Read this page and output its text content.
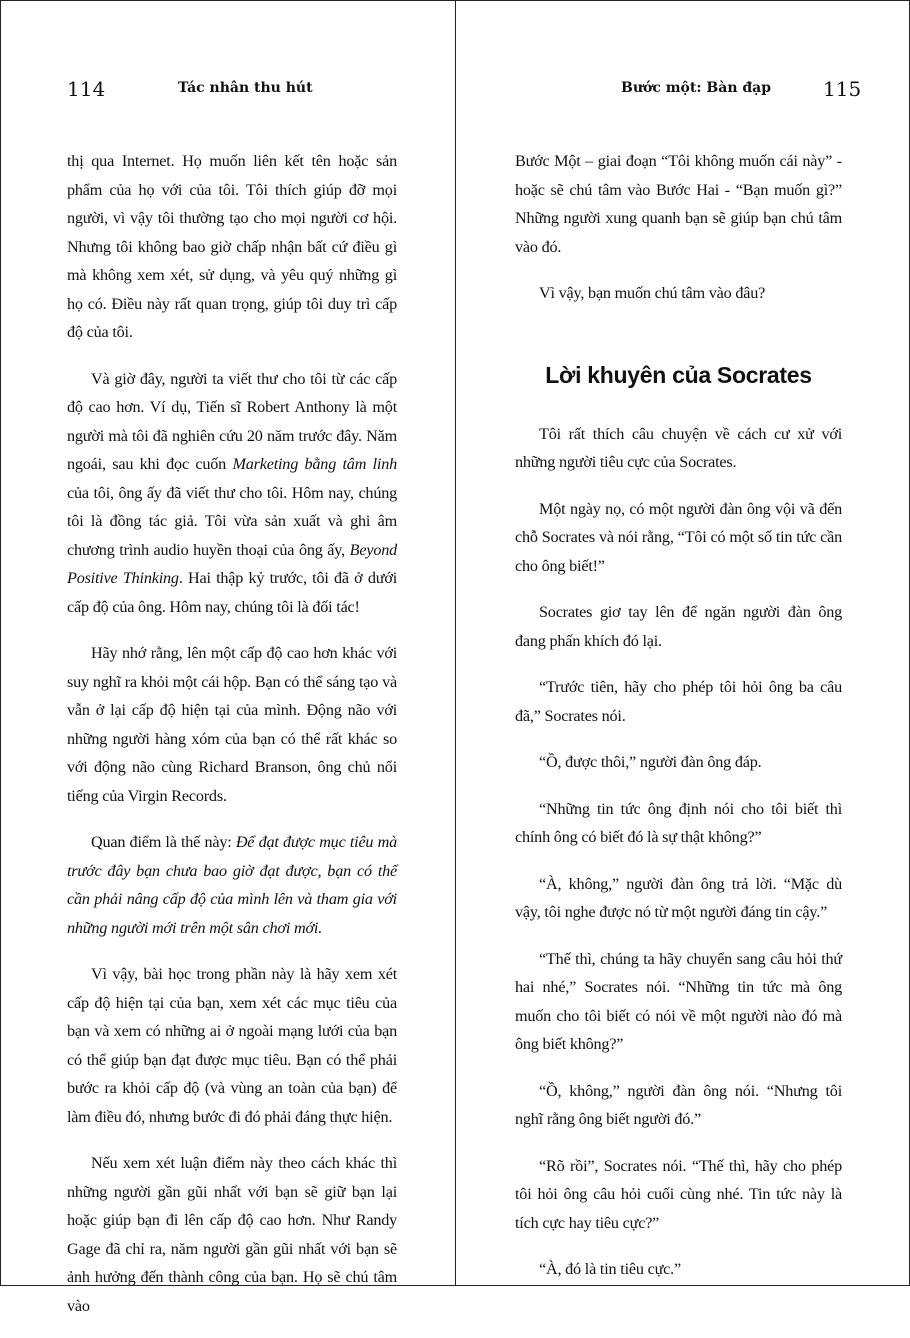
114	Tác nhân thu hút

thị qua Internet. Họ muốn liên kết tên hoặc sản phẩm của họ với của tôi. Tôi thích giúp đỡ mọi người, vì vậy tôi thường tạo cho mọi người cơ hội. Nhưng tôi không bao giờ chấp nhận bất cứ điều gì mà không xem xét, sử dụng, và yêu quý những gì họ có. Điều này rất quan trọng, giúp tôi duy trì cấp độ của tôi.

Và giờ đây, người ta viết thư cho tôi từ các cấp độ cao hơn. Ví dụ, Tiến sĩ Robert Anthony là một người mà tôi đã nghiên cứu 20 năm trước đây. Năm ngoái, sau khi đọc cuốn Marketing bằng tâm linh của tôi, ông ấy đã viết thư cho tôi. Hôm nay, chúng tôi là đồng tác giả. Tôi vừa sản xuất và ghi âm chương trình audio huyền thoại của ông ấy, Beyond Positive Thinking. Hai thập kỷ trước, tôi đã ở dưới cấp độ của ông. Hôm nay, chúng tôi là đối tác!

Hãy nhớ rằng, lên một cấp độ cao hơn khác với suy nghĩ ra khỏi một cái hộp. Bạn có thể sáng tạo và vẫn ở lại cấp độ hiện tại của mình. Động não với những người hàng xóm của bạn có thể rất khác so với động não cùng Richard Branson, ông chủ nổi tiếng của Virgin Records.

Quan điểm là thế này: Để đạt được mục tiêu mà trước đây bạn chưa bao giờ đạt được, bạn có thể cần phải nâng cấp độ của mình lên và tham gia với những người mới trên một sân chơi mới.

Vì vậy, bài học trong phần này là hãy xem xét cấp độ hiện tại của bạn, xem xét các mục tiêu của bạn và xem có những ai ở ngoài mạng lưới của bạn có thể giúp bạn đạt được mục tiêu. Bạn có thể phải bước ra khỏi cấp độ (và vùng an toàn của bạn) để làm điều đó, nhưng bước đi đó phải đáng thực hiện.

Nếu xem xét luận điểm này theo cách khác thì những người gần gũi nhất với bạn sẽ giữ bạn lại hoặc giúp bạn đi lên cấp độ cao hơn. Như Randy Gage đã chỉ ra, năm người gần gũi nhất với bạn sẽ ảnh hưởng đến thành công của bạn. Họ sẽ chú tâm vào

Bước một: Bàn đạp	115

Bước Một – giai đoạn “Tôi không muốn cái này” - hoặc sẽ chú tâm vào Bước Hai - “Bạn muốn gì?” Những người xung quanh bạn sẽ giúp bạn chú tâm vào đó.

Vì vậy, bạn muốn chú tâm vào đâu?

Lời khuyên của Socrates

Tôi rất thích câu chuyện về cách cư xử với những người tiêu cực của Socrates.

Một ngày nọ, có một người đàn ông vội vã đến chỗ Socrates và nói rằng, “Tôi có một số tin tức cần cho ông biết!”

Socrates giơ tay lên để ngăn người đàn ông đang phấn khích đó lại.

“Trước tiên, hãy cho phép tôi hỏi ông ba câu đã,” Socrates nói.

“Ồ, được thôi,” người đàn ông đáp.

“Những tin tức ông định nói cho tôi biết thì chính ông có biết đó là sự thật không?”

“À, không,” người đàn ông trả lời. “Mặc dù vậy, tôi nghe được nó từ một người đáng tin cậy.”

“Thế thì, chúng ta hãy chuyển sang câu hỏi thứ hai nhé,” Socrates nói. “Những tin tức mà ông muốn cho tôi biết có nói về một người nào đó mà ông biết không?”

“Ồ, không,” người đàn ông nói. “Nhưng tôi nghĩ rằng ông biết người đó.”

“Rõ rồi”, Socrates nói. “Thế thì, hãy cho phép tôi hỏi ông câu hỏi cuối cùng nhé. Tin tức này là tích cực hay tiêu cực?”

“À, đó là tin tiêu cực.”
